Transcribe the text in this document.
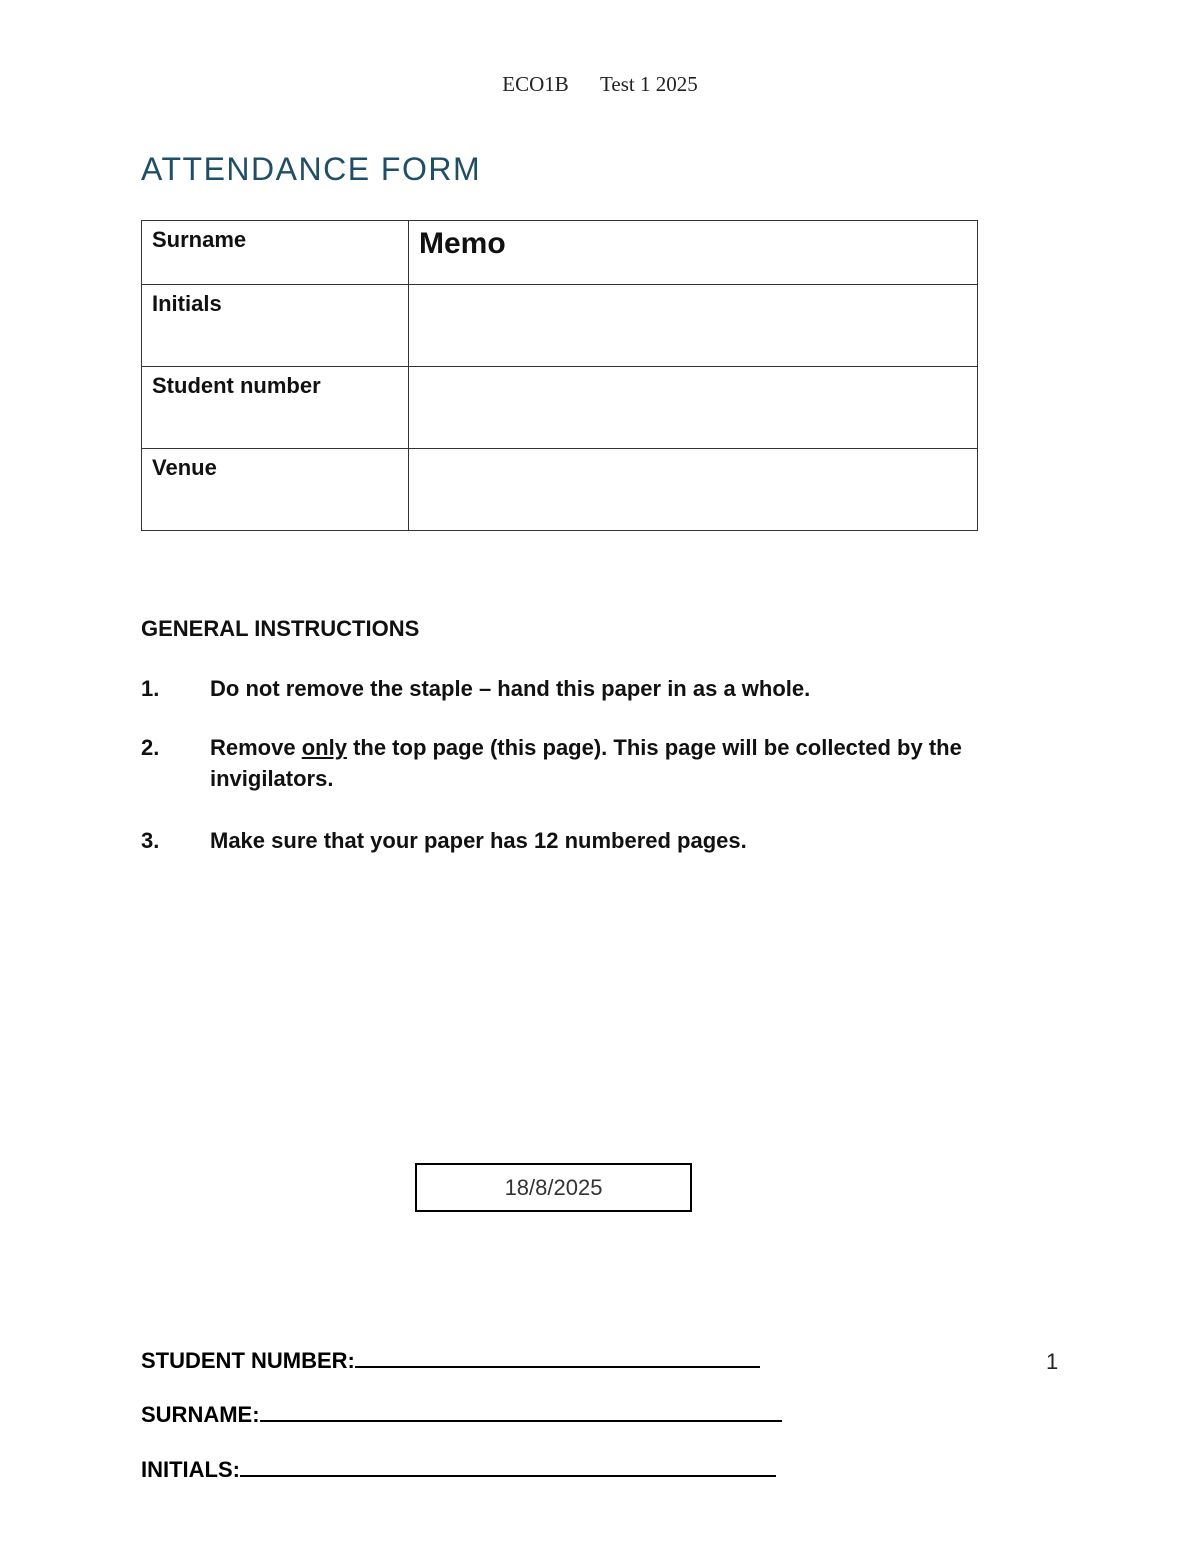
ECO1B Test 1 2025
ATTENDANCE FORM
Surname	Memo
Initials	
Student number	
Venue	
GENERAL INSTRUCTIONS
1.	Do not remove the staple – hand this paper in as a whole.
2.	Remove only the top page (this page). This page will be collected by the invigilators.
3.	Make sure that your paper has 12 numbered pages.
18/8/2025
STUDENT NUMBER:
SURNAME:
INITIALS:
1
